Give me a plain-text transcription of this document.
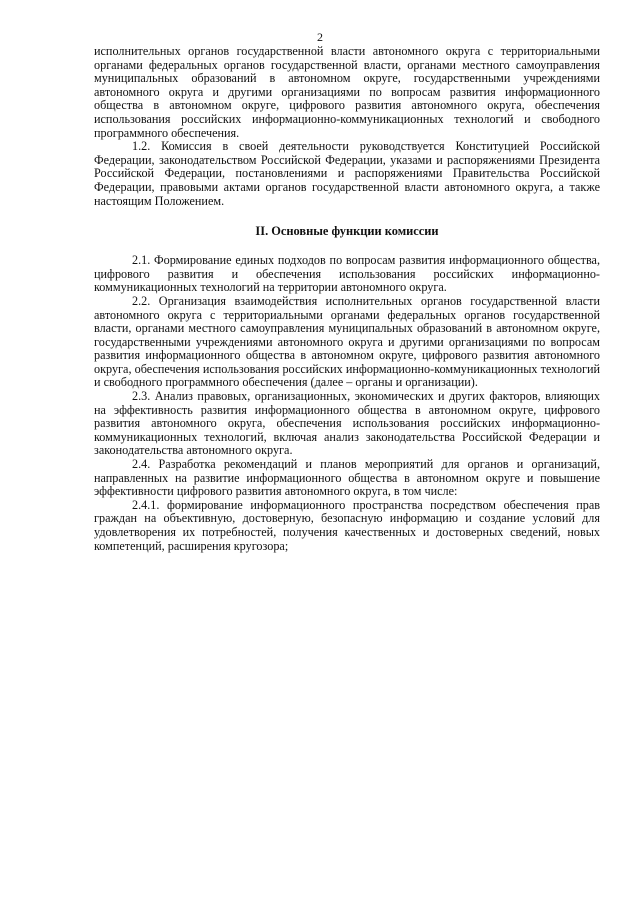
2

исполнительных органов государственной власти автономного округа с территориальными органами федеральных органов государственной власти, органами местного самоуправления муниципальных образований в автономном округе, государственными учреждениями автономного округа и другими организациями по вопросам развития информационного общества в автономном округе, цифрового развития автономного округа, обеспечения использования российских информационно-коммуникационных технологий и свободного программного обеспечения.

1.2. Комиссия в своей деятельности руководствуется Конституцией Российской Федерации, законодательством Российской Федерации, указами и распоряжениями Президента Российской Федерации, постановлениями и распоряжениями Правительства Российской Федерации, правовыми актами органов государственной власти автономного округа, а также настоящим Положением.

II. Основные функции комиссии

2.1. Формирование единых подходов по вопросам развития информационного общества, цифрового развития и обеспечения использования российских информационно-коммуникационных технологий на территории автономного округа.

2.2. Организация взаимодействия исполнительных органов государственной власти автономного округа с территориальными органами федеральных органов государственной власти, органами местного самоуправления муниципальных образований в автономном округе, государственными учреждениями автономного округа и другими организациями по вопросам развития информационного общества в автономном округе, цифрового развития автономного округа, обеспечения использования российских информационно-коммуникационных технологий и свободного программного обеспечения (далее – органы и организации).

2.3. Анализ правовых, организационных, экономических и других факторов, влияющих на эффективность развития информационного общества в автономном округе, цифрового развития автономного округа, обеспечения использования российских информационно-коммуникационных технологий, включая анализ законодательства Российской Федерации и законодательства автономного округа.

2.4. Разработка рекомендаций и планов мероприятий для органов и организаций, направленных на развитие информационного общества в автономном округе и повышение эффективности цифрового развития автономного округа, в том числе:

2.4.1. формирование информационного пространства посредством обеспечения прав граждан на объективную, достоверную, безопасную информацию и создание условий для удовлетворения их потребностей, получения качественных и достоверных сведений, новых компетенций, расширения кругозора;
